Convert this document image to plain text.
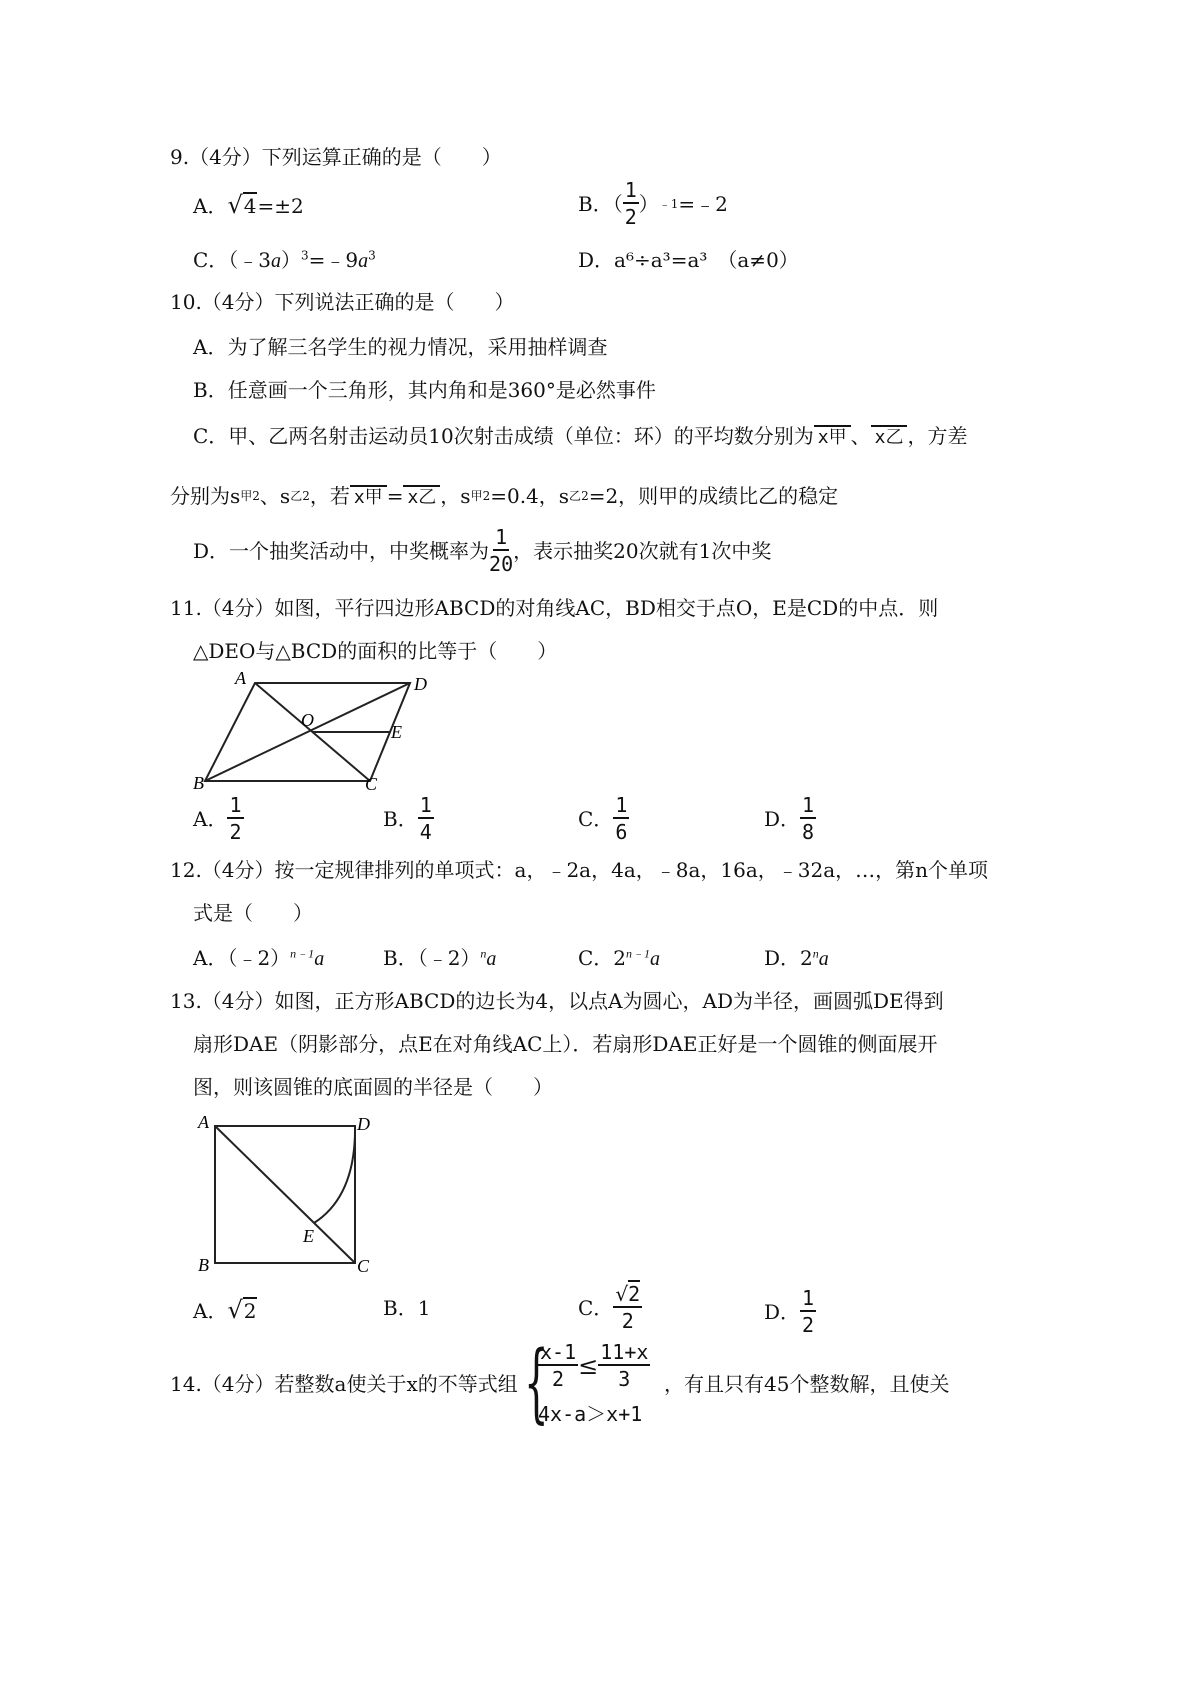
9.（4分）下列运算正确的是（　　）
A．√4=±2	B．（ $\frac{1}{2}$ ） ﹣1 =﹣2
C．$(﹣3a)^3=﹣9a^3$	D．a⁶÷a³=a³　（a≠0）
10.（4分）下列说法正确的是（　　）
A．为了解三名学生的视力情况，采用抽样调查
B．任意画一个三角形，其内角和是360°是必然事件
C．甲、乙两名射击运动员10次射击成绩（单位：环）的平均数分别为 x甲 、 x乙 ，方差
分别为s 甲 2 、s 乙 2 ，若 x甲 = x乙 ，s 甲 2 =0.4，s 乙 2 =2，则甲的成绩比乙的稳定
D．一个抽奖活动中，中奖概率为 $\frac{1}{20}$ ，表示抽奖20次就有1次中奖
11.（4分）如图，平行四边形ABCD的对角线AC，BD相交于点O，E是CD的中点．则
△DEO与△BCD的面积的比等于（　　）
A	D
B	C
O
E
A． $\frac{1}{2}$	B． $\frac{1}{4}$	C． $\frac{1}{6}$	D． $\frac{1}{8}$
12.（4分）按一定规律排列的单项式：a，﹣2a，4a，﹣8a，16a，﹣32a，…，第n个单项
式是（　　）
A．（﹣2）$^{n﹣1}$a	B．（﹣2）$^n$a	C．$2^{n﹣1}a$	D．2$^n$a
13.（4分）如图，正方形ABCD的边长为4，以点A为圆心，AD为半径，画圆弧DE得到
扇形DAE（阴影部分，点E在对角线AC上）．若扇形DAE正好是一个圆锥的侧面展开
图，则该圆锥的底面圆的半径是（　　）
A	D
B	C
E
A．√2	B．1	C． $\frac{√2}{2}$	D． $\frac{1}{2}$
14.（4分）若整数a使关于x的不等式组 {
$\frac{x-1}{2} \le \frac{11+x}{3}$
4x-a＞x+1
，有且只有45个整数解，且使关
